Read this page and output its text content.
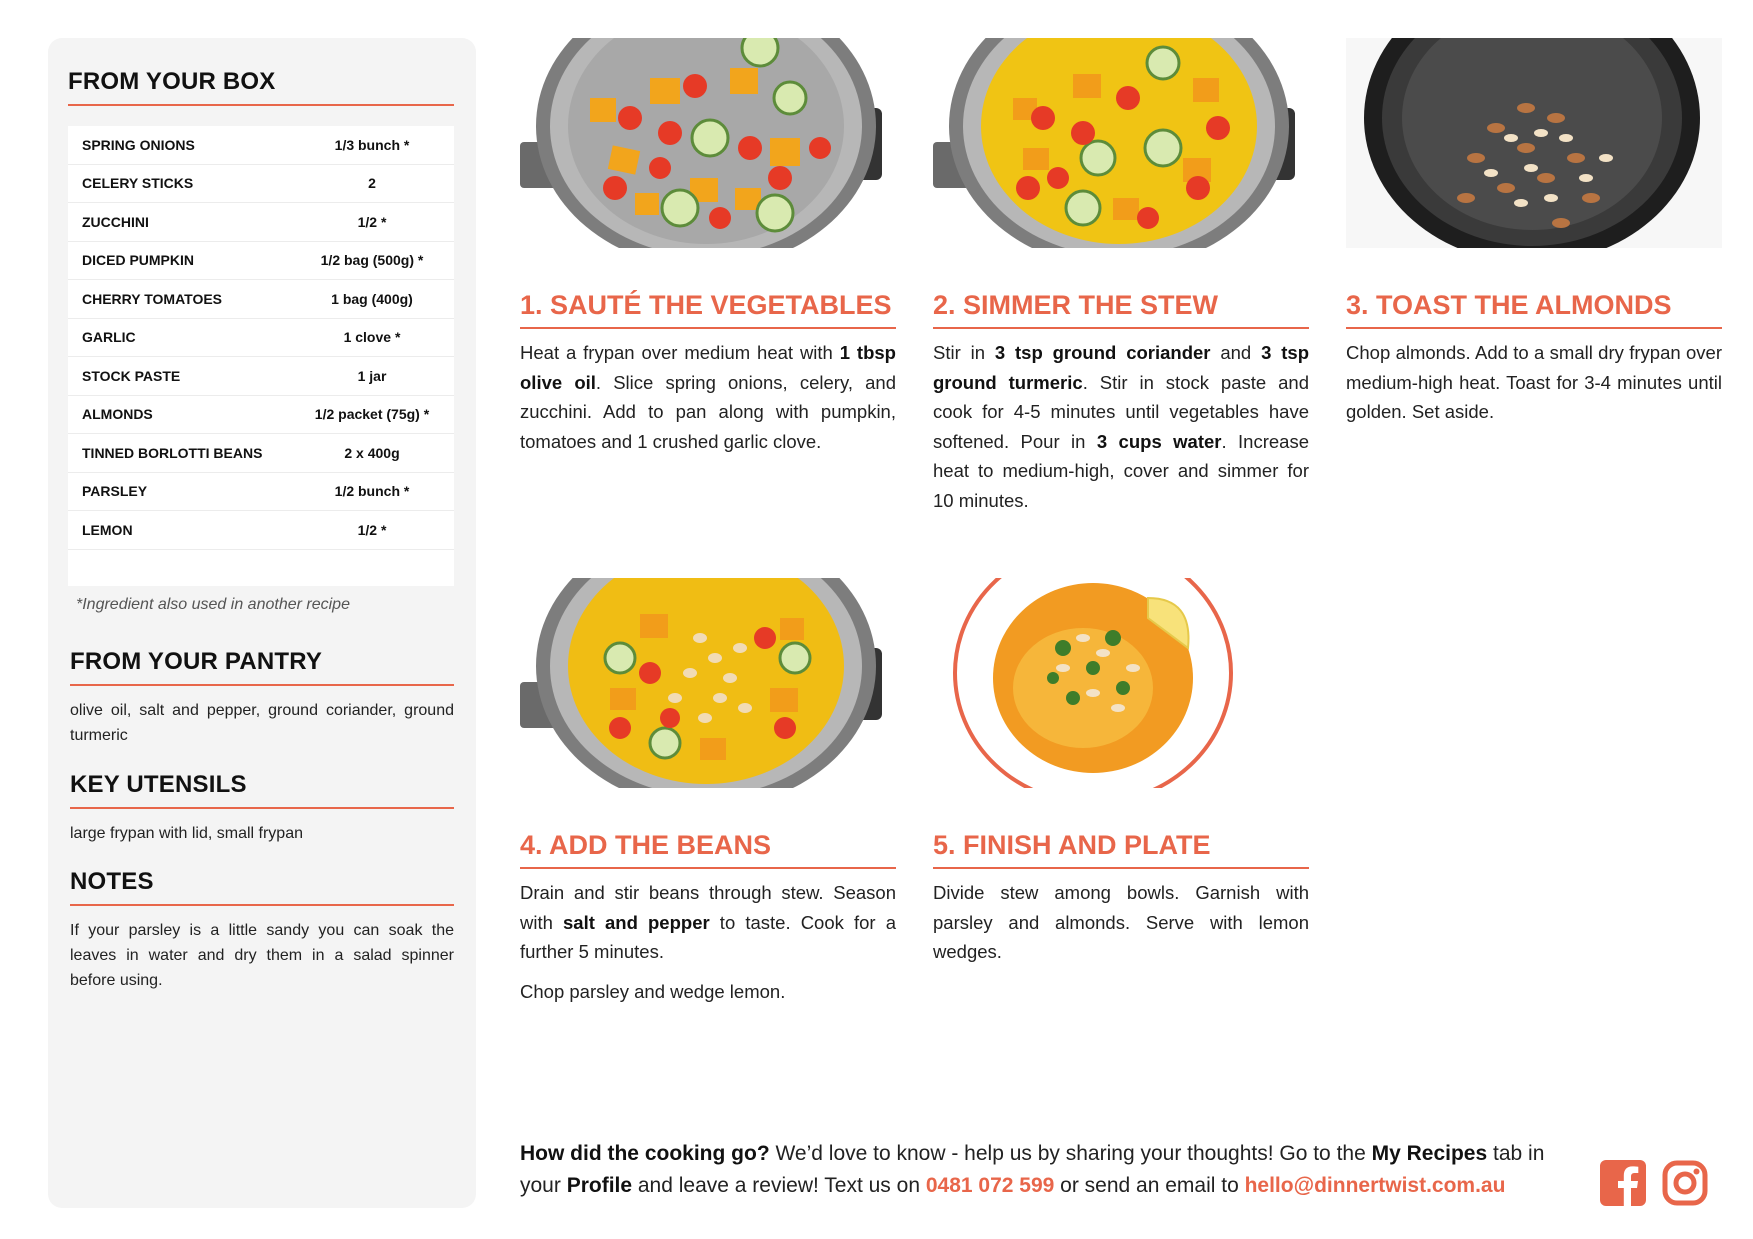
FROM YOUR BOX
SPRING ONIONS	1/3 bunch *
CELERY STICKS	2
ZUCCHINI	1/2 *
DICED PUMPKIN	1/2 bag (500g) *
CHERRY TOMATOES	1 bag (400g)
GARLIC	1 clove *
STOCK PASTE	1 jar
ALMONDS	1/2 packet (75g) *
TINNED BORLOTTI BEANS	2 x 400g
PARSLEY	1/2 bunch *
LEMON	1/2 *
*Ingredient also used in another recipe
FROM YOUR PANTRY
olive oil, salt and pepper, ground coriander, ground turmeric
KEY UTENSILS
large frypan with lid, small frypan
NOTES
If your parsley is a little sandy you can soak the leaves in water and dry them in a salad spinner before using.
1. SAUTÉ THE VEGETABLES

Heat a frypan over medium heat with 1 tbsp olive oil. Slice spring onions, celery, and zucchini. Add to pan along with pumpkin, tomatoes and 1 crushed garlic clove.

2. SIMMER THE STEW

Stir in 3 tsp ground coriander and 3 tsp ground turmeric. Stir in stock paste and cook for 4-5 minutes until vegetables have softened. Pour in 3 cups water. Increase heat to medium-high, cover and simmer for 10 minutes.

3. TOAST THE ALMONDS

Chop almonds. Add to a small dry frypan over medium-high heat. Toast for 3-4 minutes until golden. Set aside.

4. ADD THE BEANS

Drain and stir beans through stew. Season with salt and pepper to taste. Cook for a further 5 minutes.

Chop parsley and wedge lemon.

5. FINISH AND PLATE

Divide stew among bowls. Garnish with parsley and almonds. Serve with lemon wedges.

How did the cooking go? We’d love to know - help us by sharing your thoughts! Go to the My Recipes tab in your Profile and leave a review! Text us on 0481 072 599 or send an email to hello@dinnertwist.com.au
